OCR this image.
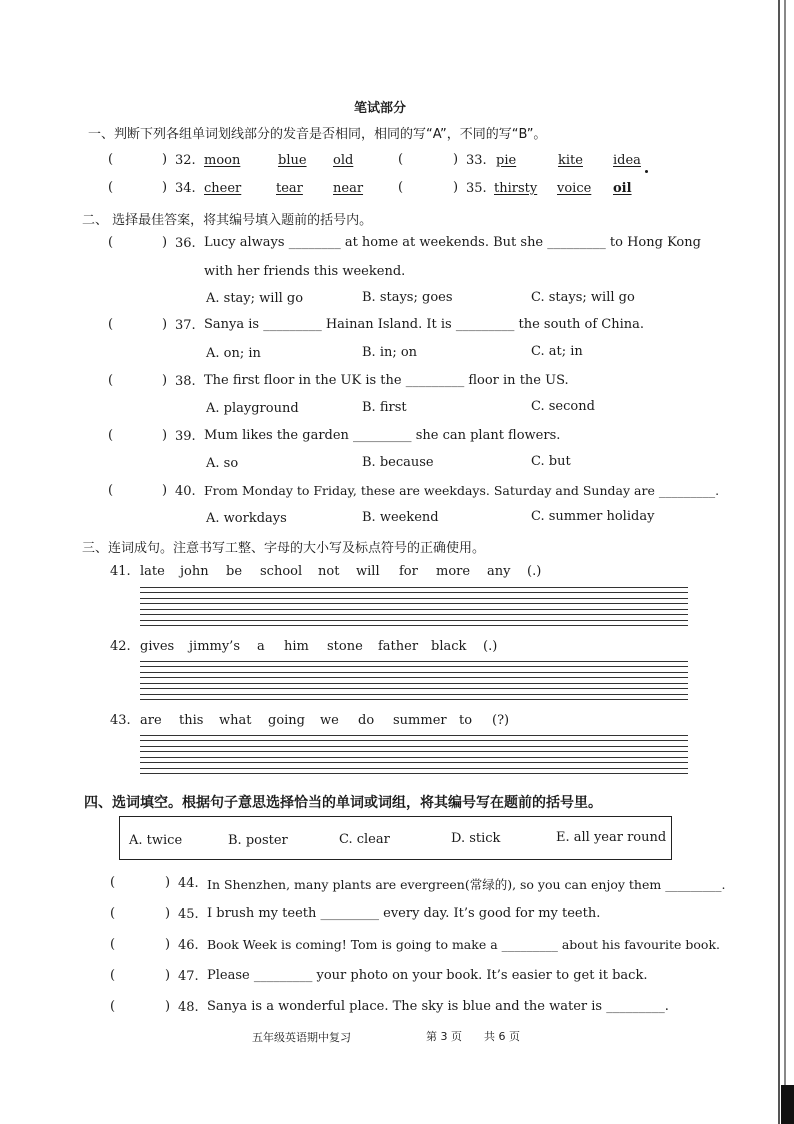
笔试部分
一、判断下列各组单词划线部分的发音是否相同，相同的写“A”，不同的写“B”。
(	) 32. moon	blue old	(	) 33. pie	kite idea
(	) 34. cheer	tear near	(	) 35. thirsty voice oil
二、 选择最佳答案，将其编号填入题前的括号内。
(	) 36. Lucy always ________ at home at weekends. But she _________ to Hong Kong
with her friends this weekend.
A. stay; will go	B. stays; goes	C. stays; will go
(	) 37. Sanya is _________ Hainan Island. It is _________ the south of China.
A. on; in	B. in; on	C. at; in
(	) 38. The first floor in the UK is the _________ floor in the US.
A. playground	B. first	C. second
(	) 39. Mum likes the garden _________ she can plant flowers.
A. so	B. because	C. but
(	) 40. From Monday to Friday, these are weekdays. Saturday and Sunday are _________.
A. workdays	B. weekend	C. summer holiday
三、连词成句。注意书写工整、字母的大小写及标点符号的正确使用。
41. late john be school not will for more any (.)
42. gives jimmy’s a him stone father black (.)
43. are this what going we do summer to (?)
四、选词填空。根据句子意思选择恰当的单词或词组，将其编号写在题前的括号里。
A. twice	B. poster	C. clear	D. stick	E. all year round
(	) 44. In Shenzhen, many plants are evergreen(常绿的), so you can enjoy them _________.
(	) 45. I brush my teeth _________ every day. It’s good for my teeth.
(	) 46. Book Week is coming! Tom is going to make a _________ about his favourite book.
(	) 47. Please _________ your photo on your book. It’s easier to get it back.
(	) 48. Sanya is a wonderful place. The sky is blue and the water is _________.
五年级英语期中复习	第 3 页 共 6 页
